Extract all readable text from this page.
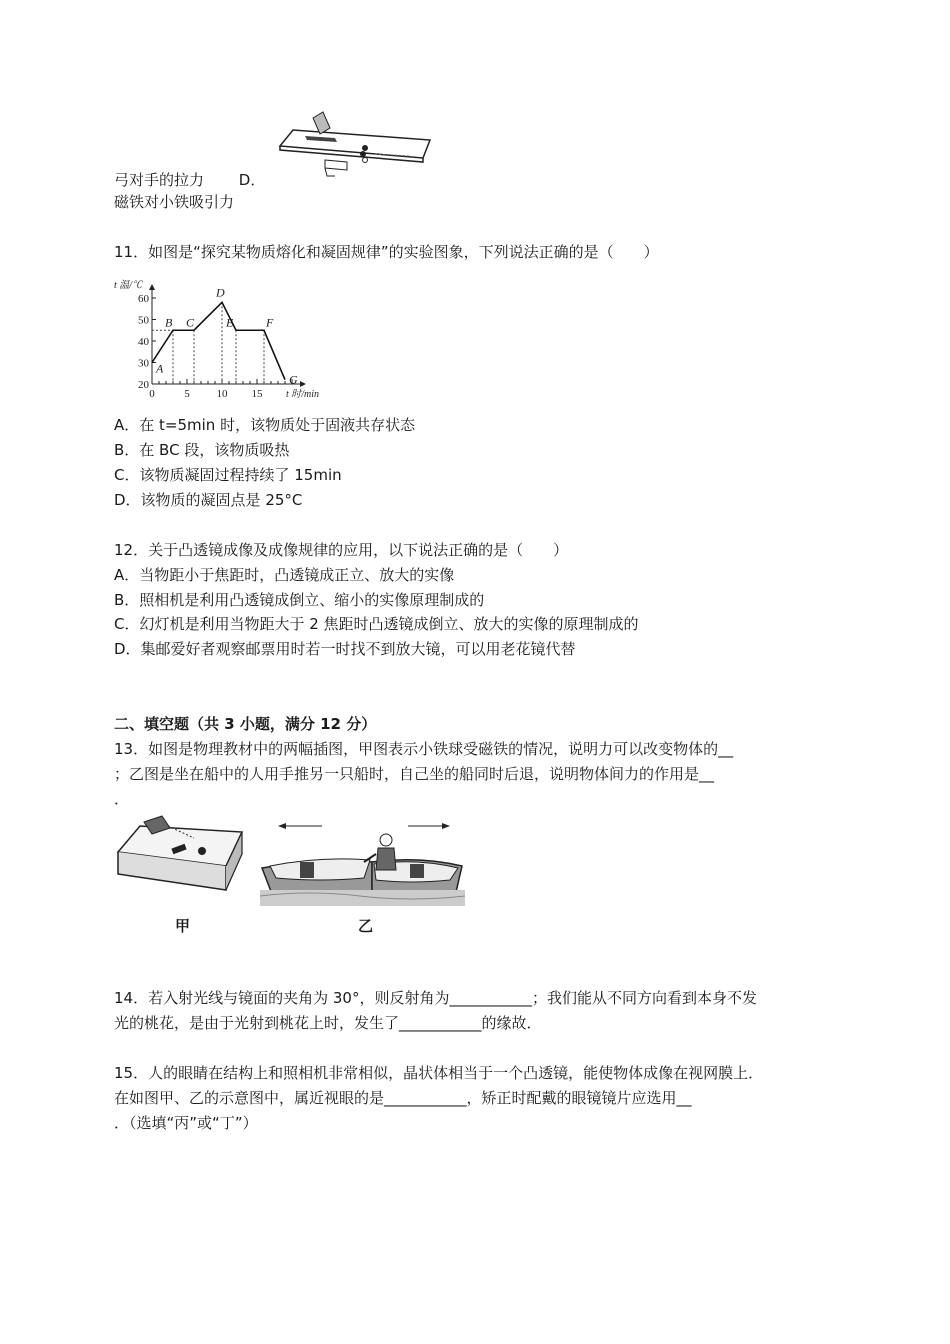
弓对手的拉力 D．
磁铁对小铁吸引力
11．如图是“探究某物质熔化和凝固规律”的实验图象，下列说法正确的是（　　）
20
30
40
50
60
0	5 10 15
t 温/℃
t 时/min
A
B C
D
E	F
G
A．在 t=5min 时，该物质处于固液共存状态
B．在 BC 段，该物质吸热
C．该物质凝固过程持续了 15min
D．该物质的凝固点是 25°C
12．关于凸透镜成像及成像规律的应用，以下说法正确的是（　　）
A．当物距小于焦距时，凸透镜成正立、放大的实像
B．照相机是利用凸透镜成倒立、缩小的实像原理制成的
C．幻灯机是利用当物距大于 2 焦距时凸透镜成倒立、放大的实像的原理制成的
D．集邮爱好者观察邮票用时若一时找不到放大镜，可以用老花镜代替
二、填空题（共 3 小题，满分 12 分）
13．如图是物理教材中的两幅插图，甲图表示小铁球受磁铁的情况，说明力可以改变物体的__
；乙图是坐在船中的人用手推另一只船时，自己坐的船同时后退，说明物体间力的作用是__
．
甲	乙
14．若入射光线与镜面的夹角为 30°，则反射角为___________；我们能从不同方向看到本身不发
光的桃花，是由于光射到桃花上时，发生了___________的缘故．
15．人的眼睛在结构上和照相机非常相似，晶状体相当于一个凸透镜，能使物体成像在视网膜上．
在如图甲、乙的示意图中，属近视眼的是___________，矫正时配戴的眼镜镜片应选用__
．（选填“丙”或“丁”）
